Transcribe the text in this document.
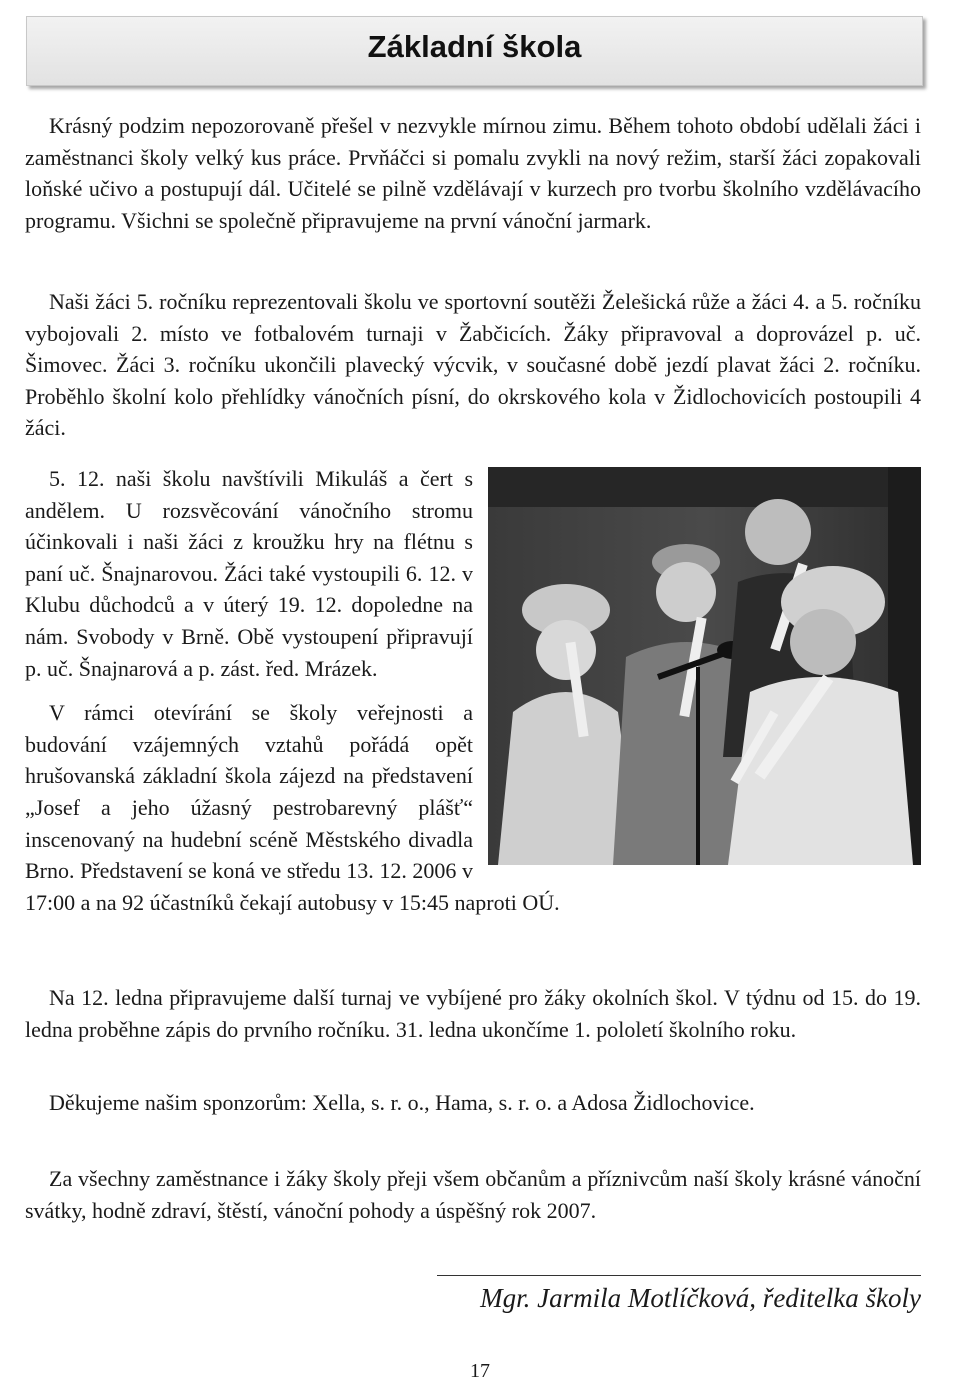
Základní škola

Krásný podzim nepozorovaně přešel v nezvykle mírnou zimu. Během tohoto období udělali žáci i zaměstnanci školy velký kus práce. Prvňáčci si pomalu zvykli na nový režim, starší žáci zopakovali loňské učivo a postupují dál. Učitelé se pilně vzdělávají v kurzech pro tvorbu školního vzdělávacího programu. Všichni se společně připravujeme na první vánoční jarmark.

Naši žáci 5. ročníku reprezentovali školu ve sportovní soutěži Želešická růže a žáci 4. a 5. ročníku vybojovali 2. místo ve fotbalovém turnaji v Žabčicích. Žáky připravoval a doprovázel p. uč. Šimovec. Žáci 3. ročníku ukončili plavecký výcvik, v současné době jezdí plavat žáci 2. ročníku. Proběhlo školní kolo přehlídky vánočních písní, do okrskového kola v Židlochovicích postoupili 4 žáci.

5. 12. naši školu navštívili Mikuláš a čert s andělem. U rozsvěcování vánočního stromu účinkovali i naši žáci z kroužku hry na flétnu s paní uč. Šnajnarovou. Žáci také vystoupili 6. 12. v Klubu důchodců a v úterý 19. 12. dopoledne na nám. Svobody v Brně. Obě vystoupení připravují p. uč. Šnajnarová a p. zást. řed. Mrázek.

V rámci otevírání se školy veřejnosti a budování vzájemných vztahů pořádá opět hrušovanská základní škola zájezd na představení „Josef a jeho úžasný pestrobarevný plášť“ inscenovaný na hudební scéně Městského divadla Brno. Představení se koná ve středu 13. 12. 2006 v 17:00 a na 92 účastníků čekají autobusy v 15:45 naproti OÚ.

Na 12. ledna připravujeme další turnaj ve vybíjené pro žáky okolních škol. V týdnu od 15. do 19. ledna proběhne zápis do prvního ročníku. 31. ledna ukončíme 1. pololetí školního roku.

Děkujeme našim sponzorům: Xella, s. r. o., Hama, s. r. o. a Adosa Židlochovice.

Za všechny zaměstnance i žáky školy přeji všem občanům a příznivcům naší školy krásné vánoční svátky, hodně zdraví, štěstí, vánoční pohody a úspěšný rok 2007.

Mgr. Jarmila Motlíčková, ředitelka školy
17
